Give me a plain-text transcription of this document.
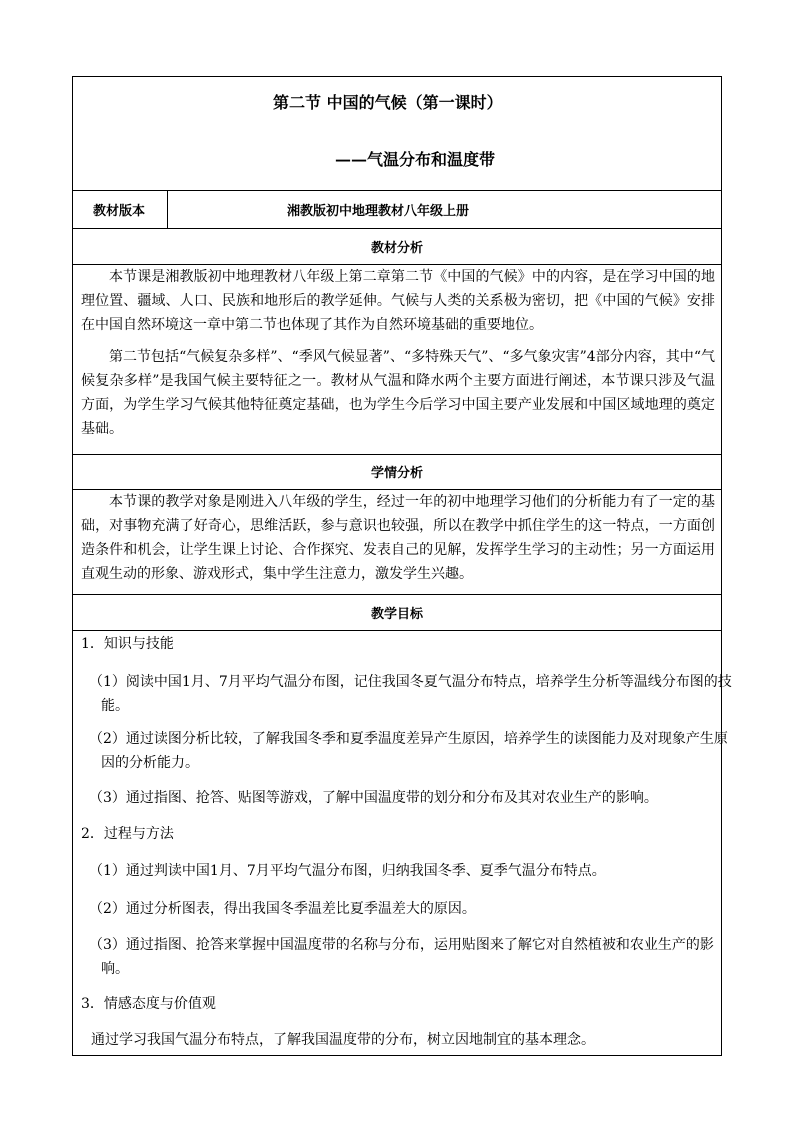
第二节 中国的气候（第一课时）
——气温分布和温度带
教材版本	湘教版初中地理教材八年级上册
教材分析

本节课是湘教版初中地理教材八年级上第二章第二节《中国的气候》中的内容，是在学习中国的地理位置、疆域、人口、民族和地形后的教学延伸。气候与人类的关系极为密切，把《中国的气候》安排在中国自然环境这一章中第二节也体现了其作为自然环境基础的重要地位。

第二节包括“气候复杂多样”、“季风气候显著”、“多特殊天气”、“多气象灾害”4部分内容，其中“气候复杂多样”是我国气候主要特征之一。教材从气温和降水两个主要方面进行阐述，本节课只涉及气温方面，为学生学习气候其他特征奠定基础，也为学生今后学习中国主要产业发展和中国区域地理的奠定基础。

学情分析

本节课的教学对象是刚进入八年级的学生，经过一年的初中地理学习他们的分析能力有了一定的基础，对事物充满了好奇心，思维活跃，参与意识也较强，所以在教学中抓住学生的这一特点，一方面创造条件和机会，让学生课上讨论、合作探究、发表自己的见解，发挥学生学习的主动性；另一方面运用直观生动的形象、游戏形式，集中学生注意力，激发学生兴趣。

教学目标

1．知识与技能

（1）阅读中国1月、7月平均气温分布图，记住我国冬夏气温分布特点，培养学生分析等温线分布图的技能。

（2）通过读图分析比较，了解我国冬季和夏季温度差异产生原因，培养学生的读图能力及对现象产生原因的分析能力。

（3）通过指图、抢答、贴图等游戏，了解中国温度带的划分和分布及其对农业生产的影响。

2．过程与方法

（1）通过判读中国1月、7月平均气温分布图，归纳我国冬季、夏季气温分布特点。

（2）通过分析图表，得出我国冬季温差比夏季温差大的原因。

（3）通过指图、抢答来掌握中国温度带的名称与分布，运用贴图来了解它对自然植被和农业生产的影响。

3．情感态度与价值观

通过学习我国气温分布特点，了解我国温度带的分布，树立因地制宜的基本理念。
